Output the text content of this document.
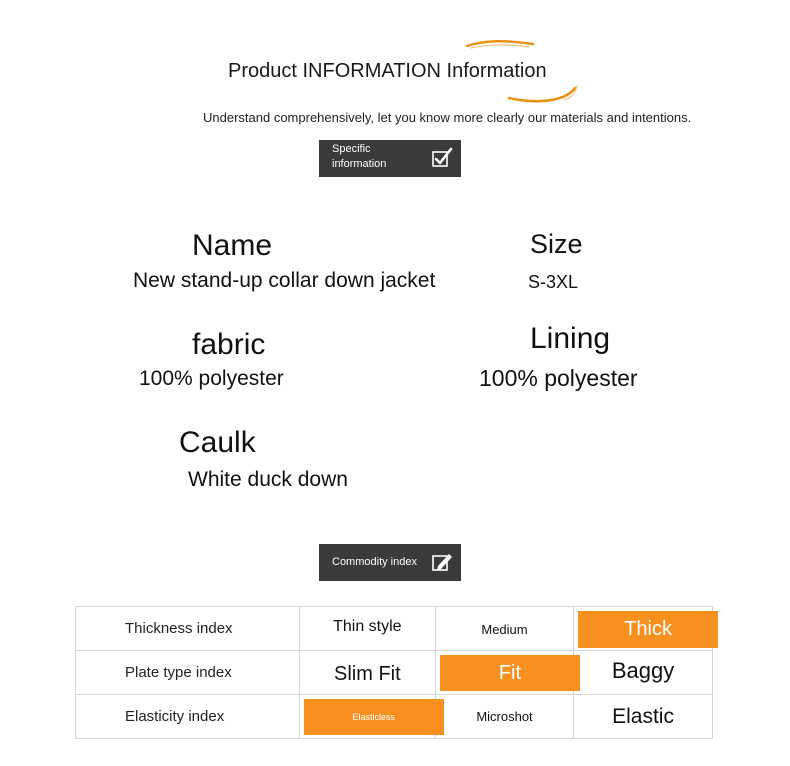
Product INFORMATION Information
Understand comprehensively, let you know more clearly our materials and intentions.
Specific information
Name
New stand-up collar down jacket
Size
S-3XL
fabric
100% polyester
Lining
100% polyester
Caulk
White duck down
Commodity index
Thickness index	Thin style	Medium	Thick

Plate type index	Slim Fit	Fit	Baggy

Elasticity index	Elasticless	Microshot	Elastic
